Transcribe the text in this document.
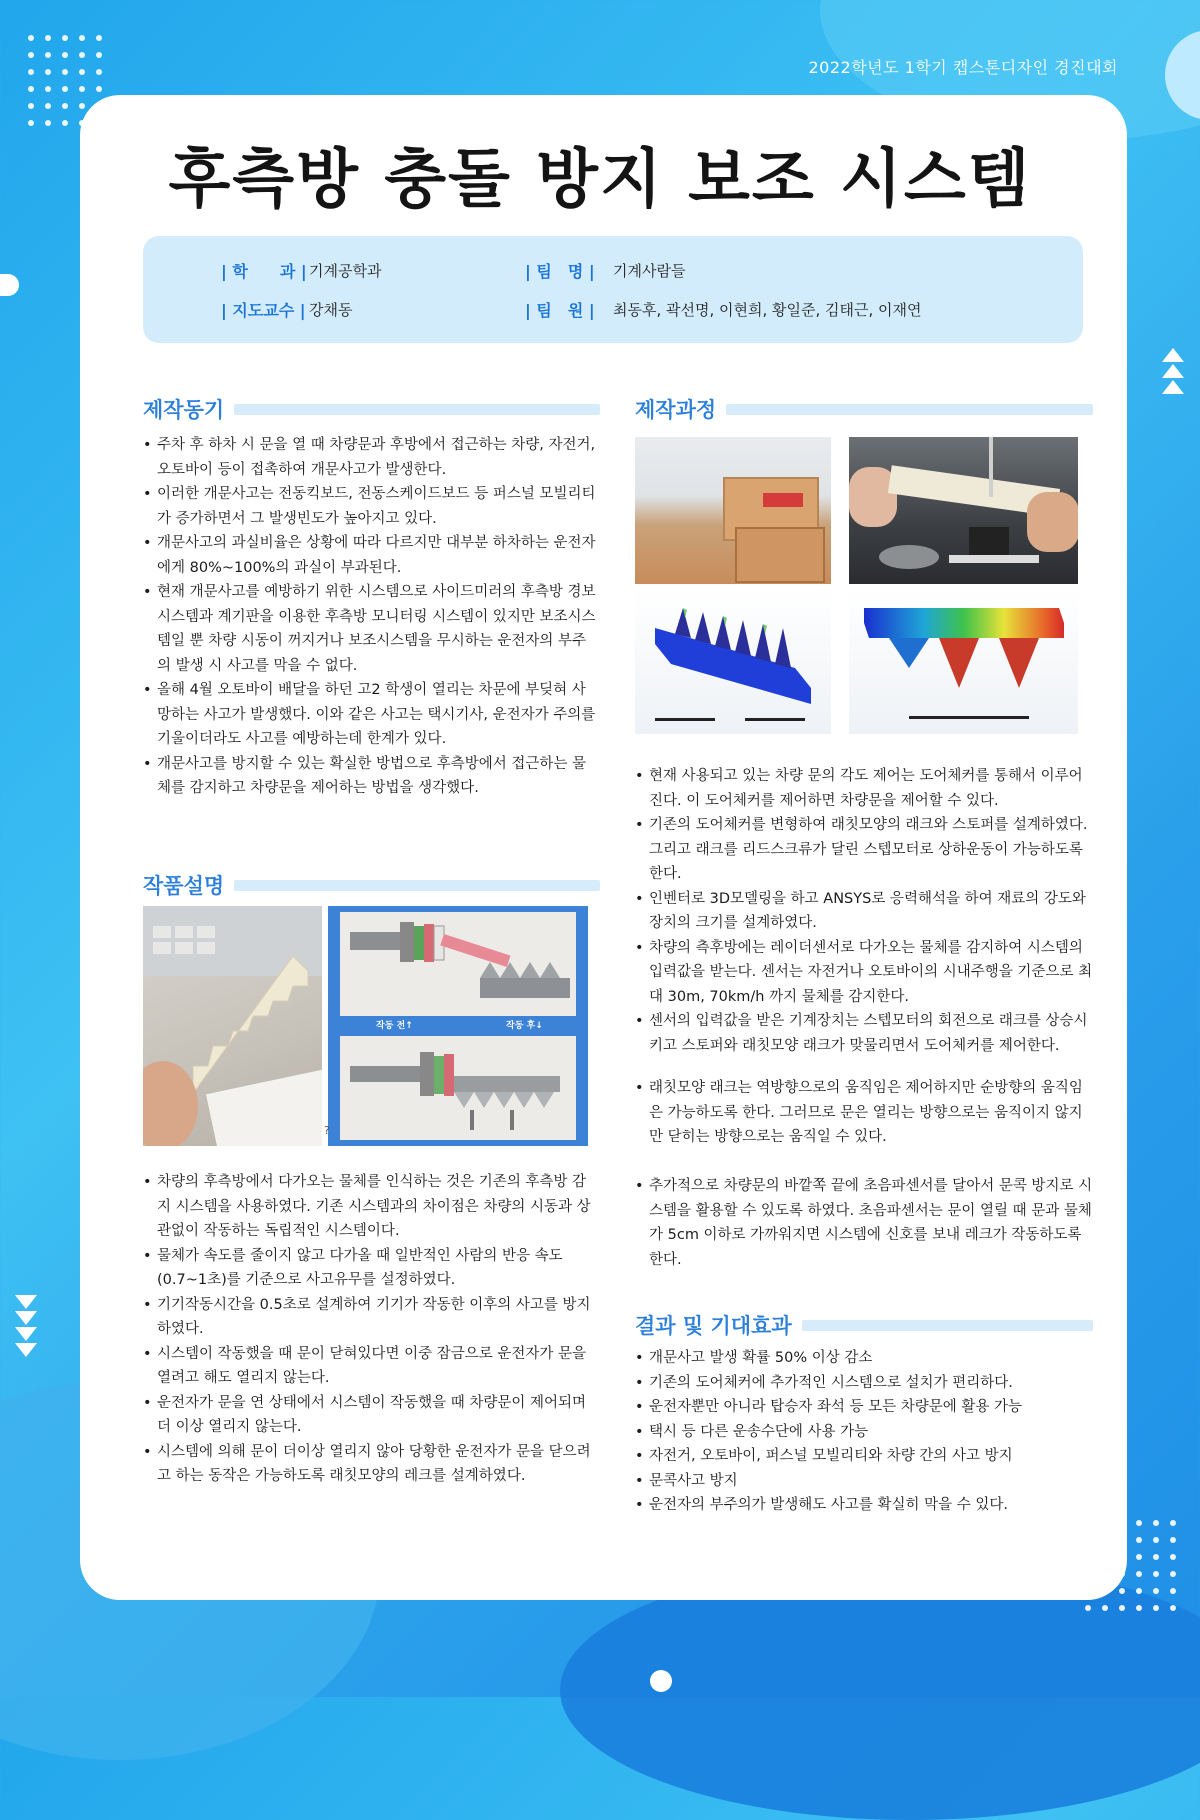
2022학년도 1학기 캡스톤디자인 경진대회
후측방 충돌 방지 보조 시스템
| 학　　과 | 기계공학과	| 팀　명 |	기계사람들
| 지도교수 | 강채동	| 팀　원 |	최동후, 곽선명, 이현희, 황일준, 김태근, 이재연
제작동기
• 주차 후 하차 시 문을 열 때 차량문과 후방에서 접근하는 차량, 자전거, 오토바이 등이 접촉하여 개문사고가 발생한다.
• 이러한 개문사고는 전동킥보드, 전동스케이드보드 등 퍼스널 모빌리티가 증가하면서 그 발생빈도가 높아지고 있다.
• 개문사고의 과실비율은 상황에 따라 다르지만 대부분 하차하는 운전자에게 80%~100%의 과실이 부과된다.
• 현재 개문사고를 예방하기 위한 시스템으로 사이드미러의 후측방 경보 시스템과 계기판을 이용한 후측방 모니터링 시스템이 있지만 보조시스템일 뿐 차량 시동이 꺼지거나 보조시스템을 무시하는 운전자의 부주의 발생 시 사고를 막을 수 없다.
• 올해 4월 오토바이 배달을 하던 고2 학생이 열리는 차문에 부딪혀 사망하는 사고가 발생했다. 이와 같은 사고는 택시기사, 운전자가 주의를 기울이더라도 사고를 예방하는데 한계가 있다.
• 개문사고를 방지할 수 있는 확실한 방법으로 후측방에서 접근하는 물체를 감지하고 차량문을 제어하는 방법을 생각했다.
작품설명
작동 전↑	작동 후↓
?
• 차량의 후측방에서 다가오는 물체를 인식하는 것은 기존의 후측방 감지 시스템을 사용하였다. 기존 시스템과의 차이점은 차량의 시동과 상관없이 작동하는 독립적인 시스템이다.
• 물체가 속도를 줄이지 않고 다가올 때 일반적인 사람의 반응 속도(0.7~1초)를 기준으로 사고유무를 설정하였다.
• 기기작동시간을 0.5초로 설계하여 기기가 작동한 이후의 사고를 방지하였다.
• 시스템이 작동했을 때 문이 닫혀있다면 이중 잠금으로 운전자가 문을 열려고 해도 열리지 않는다.
• 운전자가 문을 연 상태에서 시스템이 작동했을 때 차량문이 제어되며 더 이상 열리지 않는다.
• 시스템에 의해 문이 더이상 열리지 않아 당황한 운전자가 문을 닫으려고 하는 동작은 가능하도록 래칫모양의 레크를 설계하였다.
제작과정
• 현재 사용되고 있는 차량 문의 각도 제어는 도어체커를 통해서 이루어진다. 이 도어체커를 제어하면 차량문을 제어할 수 있다.
• 기존의 도어체커를 변형하여 래칫모양의 래크와 스토퍼를 설계하였다. 그리고 래크를 리드스크류가 달린 스텝모터로 상하운동이 가능하도록 한다.
• 인벤터로 3D모델링을 하고 ANSYS로 응력해석을 하여 재료의 강도와 장치의 크기를 설계하였다.
• 차량의 측후방에는 레이더센서로 다가오는 물체를 감지하여 시스템의 입력값을 받는다. 센서는 자전거나 오토바이의 시내주행을 기준으로 최대 30m, 70km/h 까지 물체를 감지한다.
• 센서의 입력값을 받은 기계장치는 스텝모터의 회전으로 래크를 상승시키고 스토퍼와 래칫모양 래크가 맞물리면서 도어체커를 제어한다.
• 래칫모양 래크는 역방향으로의 움직임은 제어하지만 순방향의 움직임은 가능하도록 한다. 그러므로 문은 열리는 방향으로는 움직이지 않지만 닫히는 방향으로는 움직일 수 있다.
• 추가적으로 차량문의 바깥쪽 끝에 초음파센서를 달아서 문콕 방지로 시스템을 활용할 수 있도록 하였다. 초음파센서는 문이 열릴 때 문과 물체가 5cm 이하로 가까워지면 시스템에 신호를 보내 레크가 작동하도록 한다.
결과 및 기대효과
• 개문사고 발생 확률 50% 이상 감소
• 기존의 도어체커에 추가적인 시스템으로 설치가 편리하다.
• 운전자뿐만 아니라 탑승자 좌석 등 모든 차량문에 활용 가능
• 택시 등 다른 운송수단에 사용 가능
• 자전거, 오토바이, 퍼스널 모빌리티와 차량 간의 사고 방지
• 문콕사고 방지
• 운전자의 부주의가 발생해도 사고를 확실히 막을 수 있다.
